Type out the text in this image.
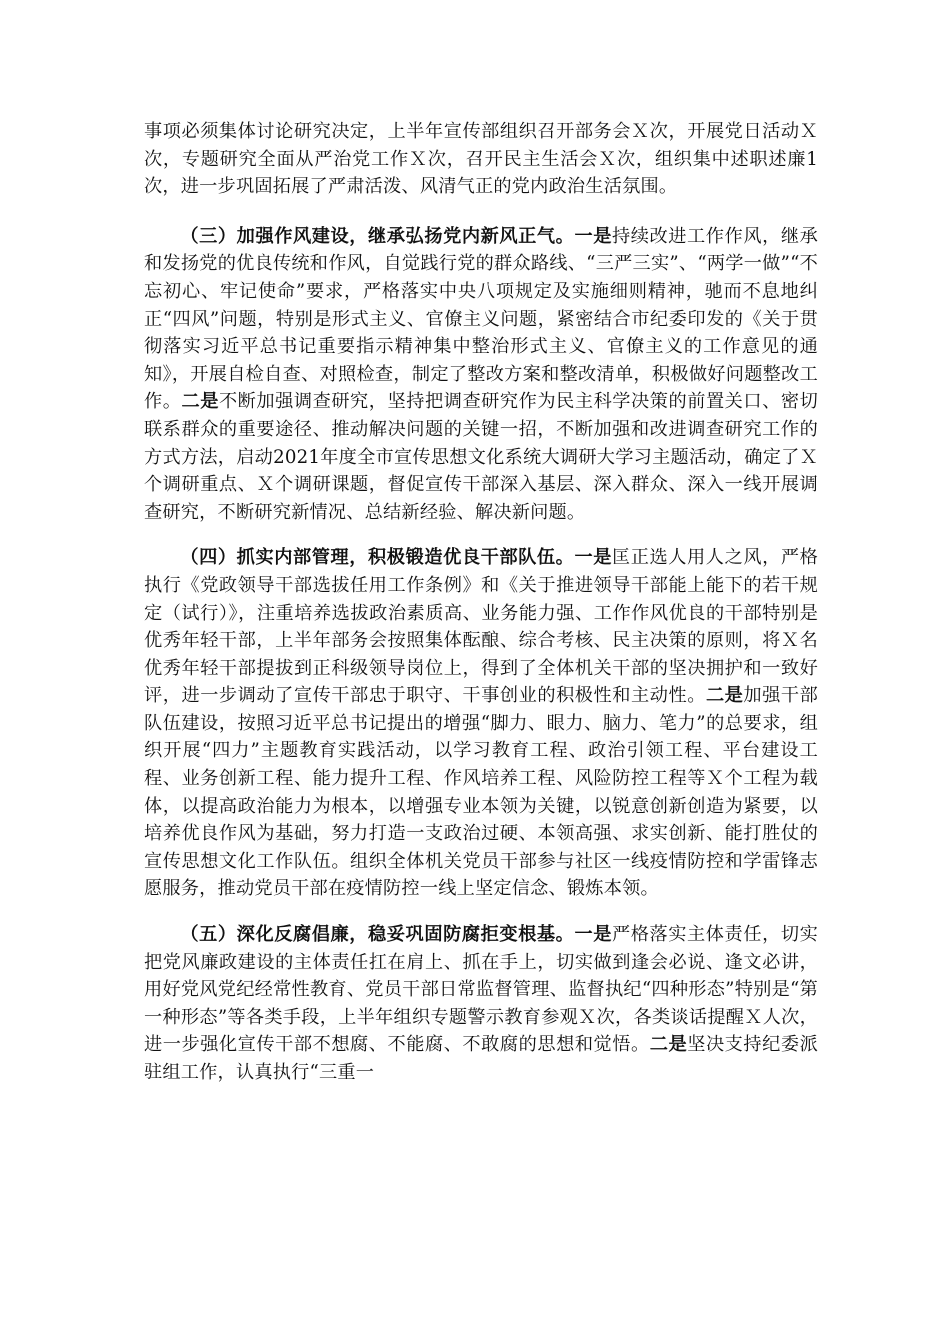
事项必须集体讨论研究决定，上半年宣传部组织召开部务会Ｘ次，开展党日活动Ｘ次，专题研究全面从严治党工作Ｘ次，召开民主生活会Ｘ次，组织集中述职述廉1次，进一步巩固拓展了严肃活泼、风清气正的党内政治生活氛围。

（三）加强作风建设，继承弘扬党内新风正气。一是持续改进工作作风，继承和发扬党的优良传统和作风，自觉践行党的群众路线、“三严三实”、“两学一做”“不忘初心、牢记使命”要求，严格落实中央八项规定及实施细则精神，驰而不息地纠正“四风”问题，特别是形式主义、官僚主义问题，紧密结合市纪委印发的《关于贯彻落实习近平总书记重要指示精神集中整治形式主义、官僚主义的工作意见的通知》，开展自检自查、对照检查，制定了整改方案和整改清单，积极做好问题整改工作。二是不断加强调查研究，坚持把调查研究作为民主科学决策的前置关口、密切联系群众的重要途径、推动解决问题的关键一招，不断加强和改进调查研究工作的方式方法，启动2021年度全市宣传思想文化系统大调研大学习主题活动，确定了Ｘ个调研重点、Ｘ个调研课题，督促宣传干部深入基层、深入群众、深入一线开展调查研究，不断研究新情况、总结新经验、解决新问题。

（四）抓实内部管理，积极锻造优良干部队伍。一是匡正选人用人之风，严格执行《党政领导干部选拔任用工作条例》和《关于推进领导干部能上能下的若干规定（试行）》，注重培养选拔政治素质高、业务能力强、工作作风优良的干部特别是优秀年轻干部，上半年部务会按照集体酝酿、综合考核、民主决策的原则，将Ｘ名优秀年轻干部提拔到正科级领导岗位上，得到了全体机关干部的坚决拥护和一致好评，进一步调动了宣传干部忠于职守、干事创业的积极性和主动性。二是加强干部队伍建设，按照习近平总书记提出的增强“脚力、眼力、脑力、笔力”的总要求，组织开展“四力”主题教育实践活动，以学习教育工程、政治引领工程、平台建设工程、业务创新工程、能力提升工程、作风培养工程、风险防控工程等Ｘ个工程为载体，以提高政治能力为根本，以增强专业本领为关键，以锐意创新创造为紧要，以培养优良作风为基础，努力打造一支政治过硬、本领高强、求实创新、能打胜仗的宣传思想文化工作队伍。组织全体机关党员干部参与社区一线疫情防控和学雷锋志愿服务，推动党员干部在疫情防控一线上坚定信念、锻炼本领。

（五）深化反腐倡廉，稳妥巩固防腐拒变根基。一是严格落实主体责任，切实把党风廉政建设的主体责任扛在肩上、抓在手上，切实做到逢会必说、逢文必讲，用好党风党纪经常性教育、党员干部日常监督管理、监督执纪“四种形态”特别是“第一种形态”等各类手段，上半年组织专题警示教育参观Ｘ次，各类谈话提醒Ｘ人次，进一步强化宣传干部不想腐、不能腐、不敢腐的思想和觉悟。二是坚决支持纪委派驻组工作，认真执行“三重一
